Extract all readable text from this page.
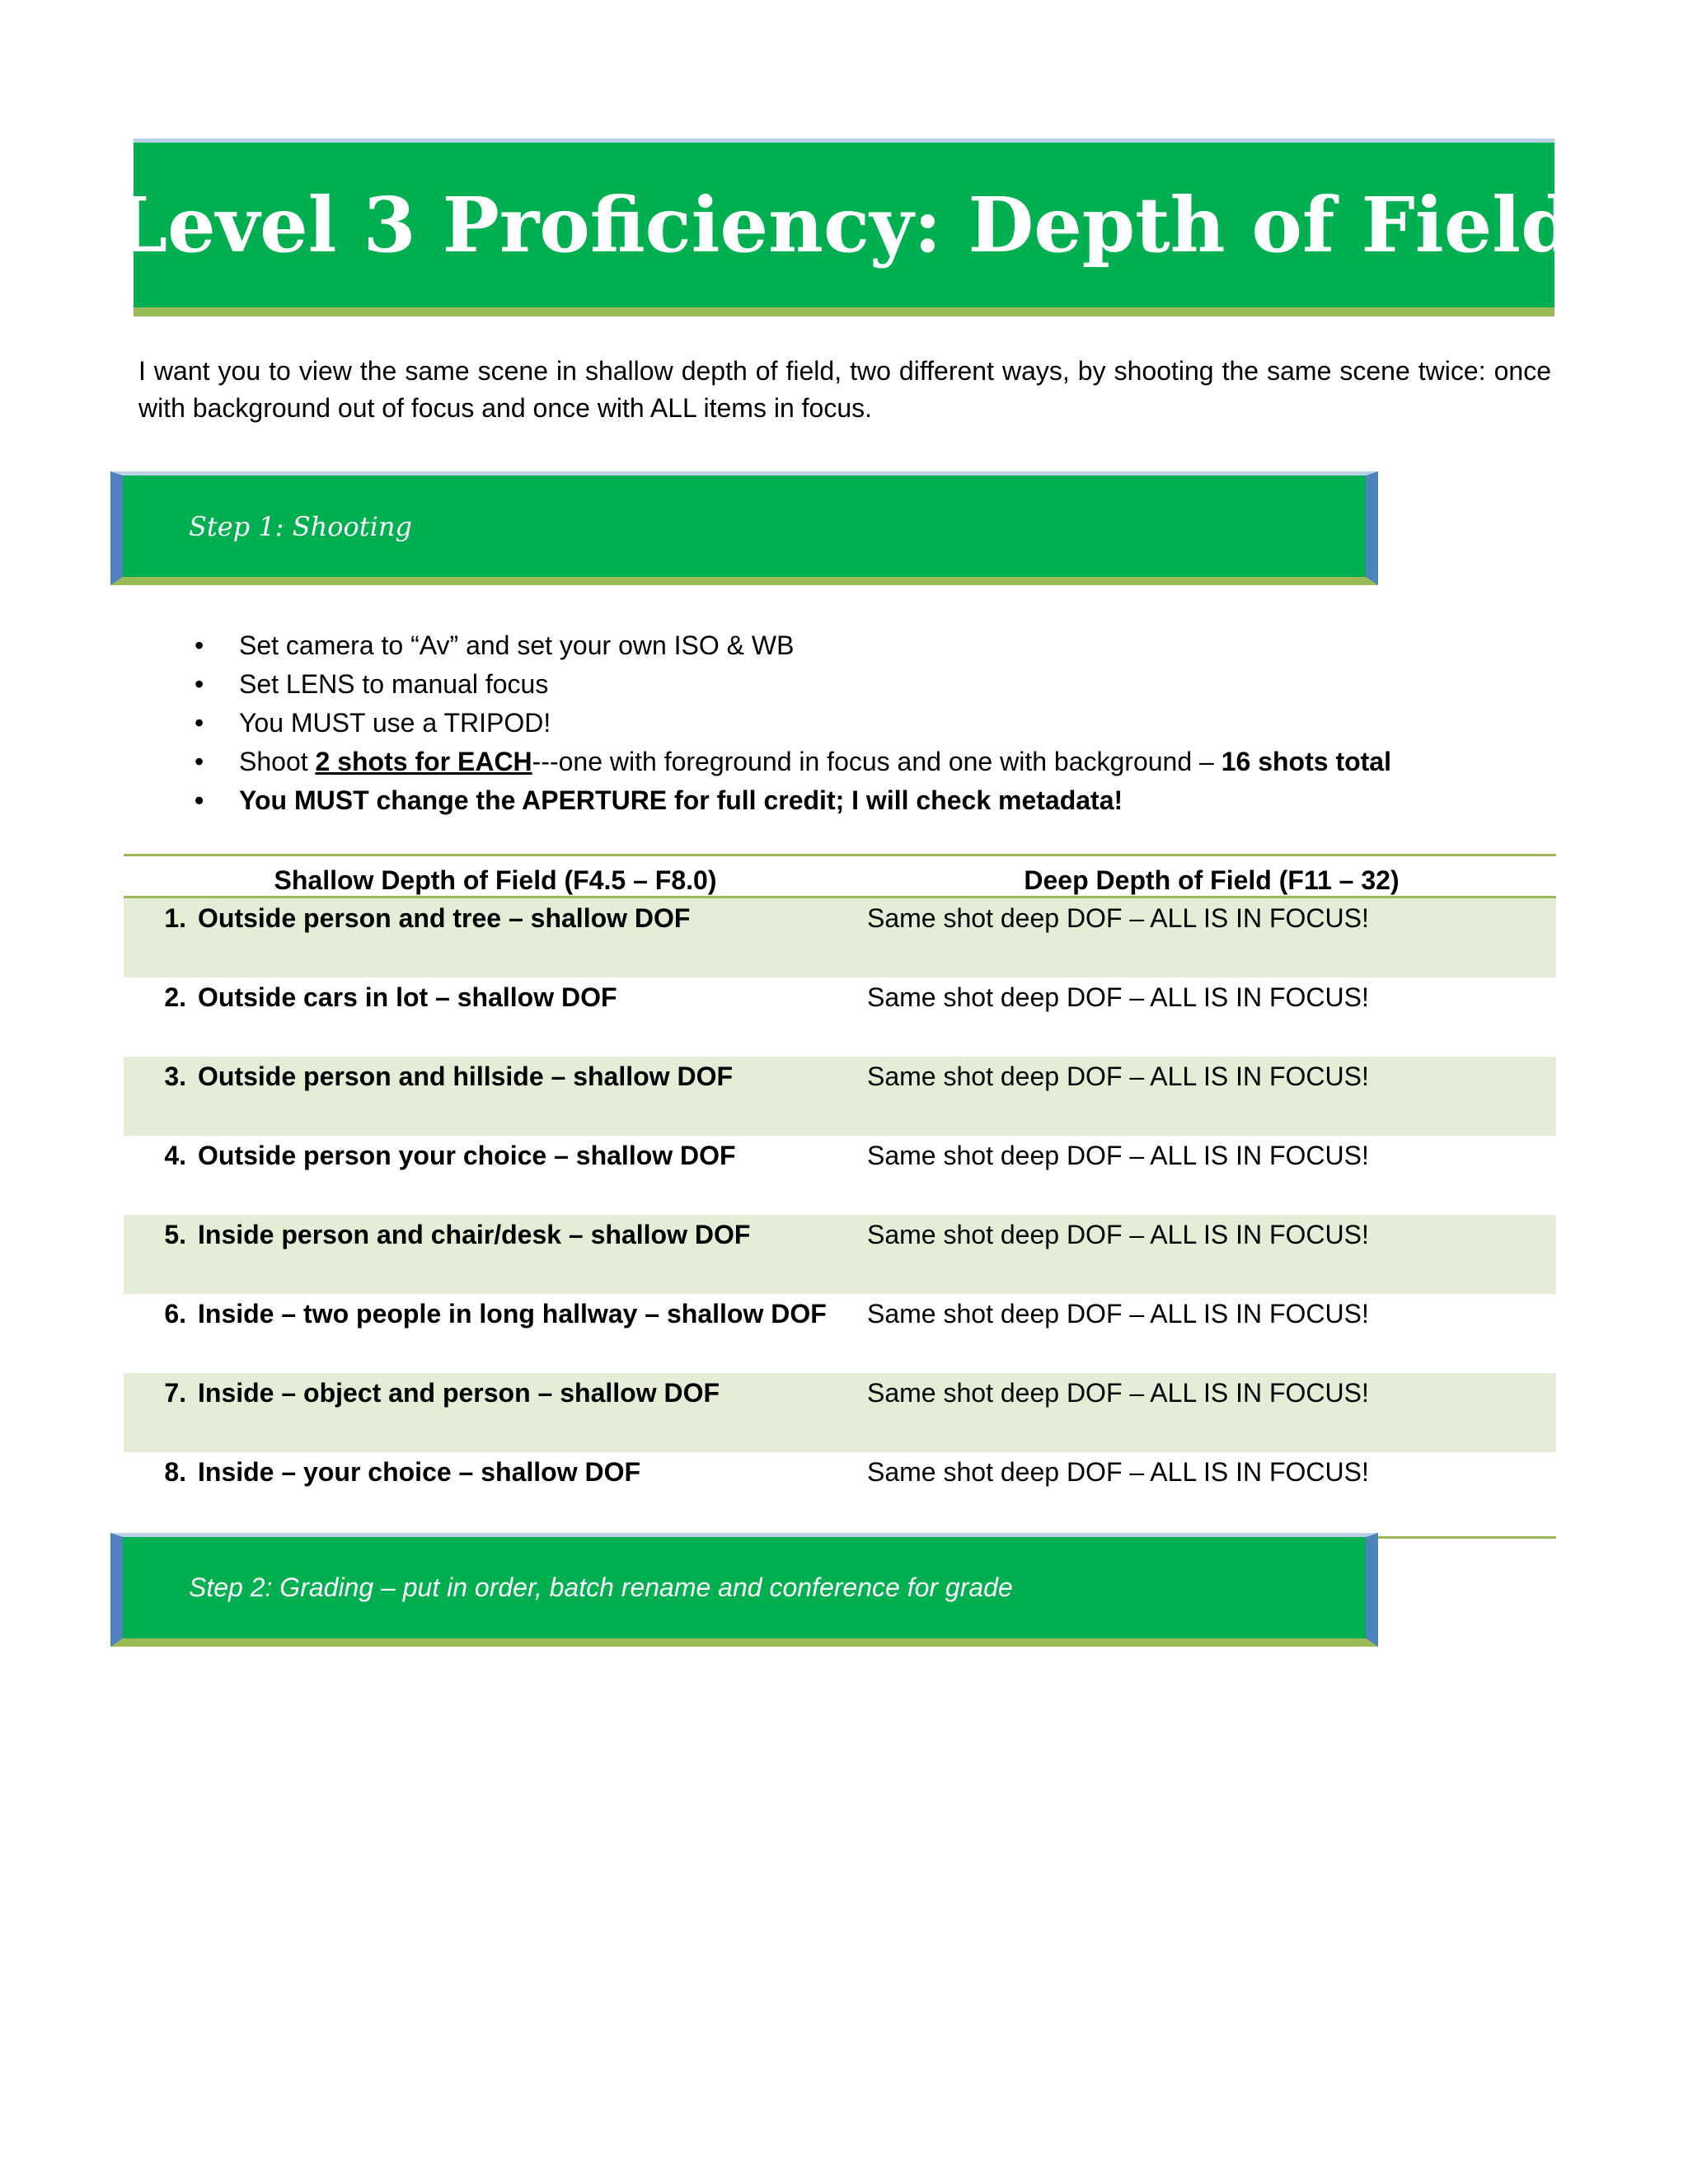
Level 3 Proficiency: Depth of Field

I want you to view the same scene in shallow depth of field, two different ways, by shooting the same scene twice: once with background out of focus and once with ALL items in focus.

Step 1: Shooting
• Set camera to “Av” and set your own ISO & WB
• Set LENS to manual focus
• You MUST use a TRIPOD!
• Shoot 2 shots for EACH---one with foreground in focus and one with background – 16 shots total
• You MUST change the APERTURE for full credit; I will check metadata!
Shallow Depth of Field (F4.5 – F8.0)		Deep Depth of Field (F11 – 32)
1.	Outside person and tree – shallow DOF	Same shot deep DOF – ALL IS IN FOCUS!
2.	Outside cars in lot – shallow DOF	Same shot deep DOF – ALL IS IN FOCUS!
3.	Outside person and hillside – shallow DOF	Same shot deep DOF – ALL IS IN FOCUS!
4.	Outside person your choice – shallow DOF	Same shot deep DOF – ALL IS IN FOCUS!
5.	Inside person and chair/desk – shallow DOF	Same shot deep DOF – ALL IS IN FOCUS!
6.	Inside – two people in long hallway – shallow DOF	Same shot deep DOF – ALL IS IN FOCUS!
7.	Inside – object and person – shallow DOF	Same shot deep DOF – ALL IS IN FOCUS!
8.	Inside – your choice – shallow DOF	Same shot deep DOF – ALL IS IN FOCUS!
Step 2: Grading – put in order, batch rename and conference for grade
